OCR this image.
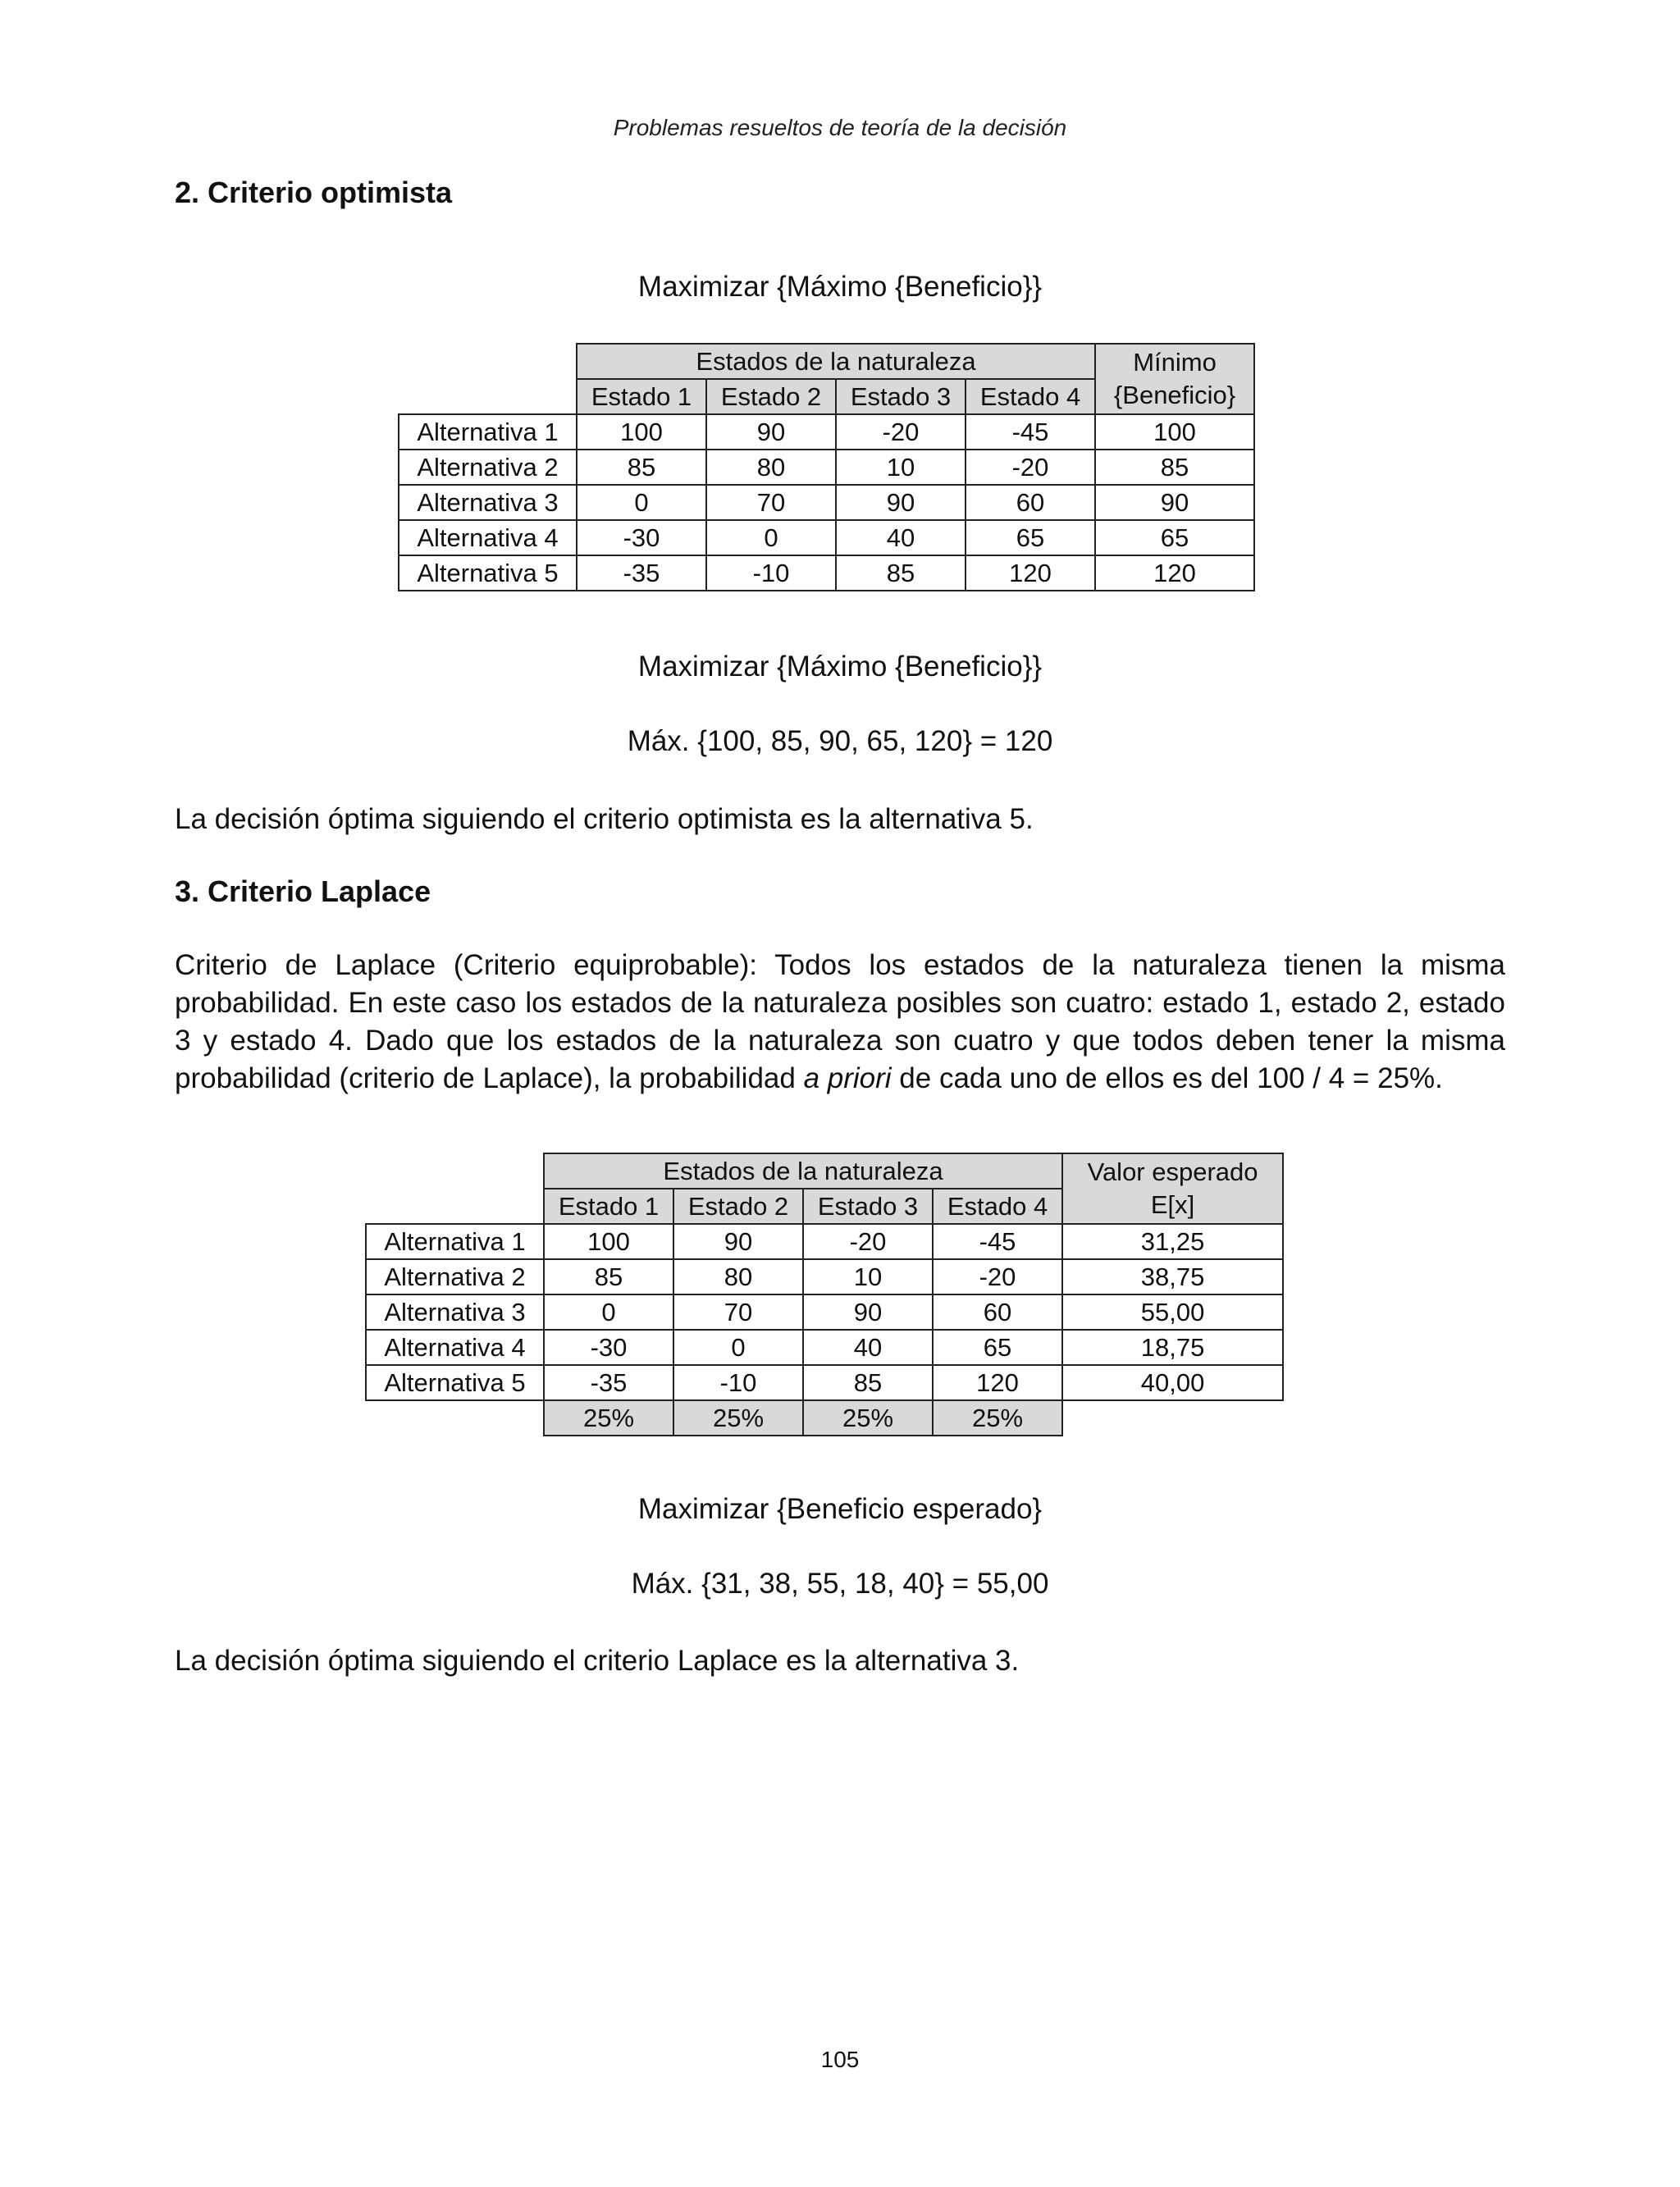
Problemas resueltos de teoría de la decisión
2. Criterio optimista
Maximizar {Máximo {Beneficio}}
	Estados de la naturaleza				Mínimo
{Beneficio}

	Estado 1	Estado 2	Estado 3	Estado 4	
Alternativa 1	100	90	-20	-45	100
Alternativa 2	85	80	10	-20	85
Alternativa 3	0	70	90	60	90
Alternativa 4	-30	0	40	65	65
Alternativa 5	-35	-10	85	120	120
Maximizar {Máximo {Beneficio}}
Máx. {100, 85, 90, 65, 120} = 120

La decisión óptima siguiendo el criterio optimista es la alternativa 5.

3. Criterio Laplace

Criterio de Laplace (Criterio equiprobable): Todos los estados de la naturaleza tienen la misma probabilidad. En este caso los estados de la naturaleza posibles son cuatro: estado 1, estado 2, estado 3 y estado 4. Dado que los estados de la naturaleza son cuatro y que todos deben tener la misma probabilidad (criterio de Laplace), la probabilidad a priori de cada uno de ellos es del 100 / 4 = 25%.

	Estados de la naturaleza				Valor esperado
E[x]

	Estado 1	Estado 2	Estado 3	Estado 4	
Alternativa 1	100	90	-20	-45	31,25
Alternativa 2	85	80	10	-20	38,75
Alternativa 3	0	70	90	60	55,00
Alternativa 4	-30	0	40	65	18,75
Alternativa 5	-35	-10	85	120	40,00
	25%	25%	25%	25%	
Maximizar {Beneficio esperado}
Máx. {31, 38, 55, 18, 40} = 55,00

La decisión óptima siguiendo el criterio Laplace es la alternativa 3.

105
